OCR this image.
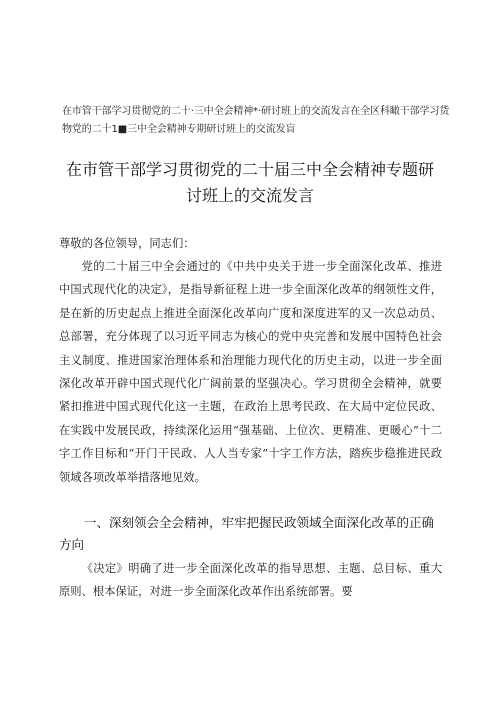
在市管干部学习贯彻党的二十·三中全会精神*·研讨班上的交流发言在全区科瞰干部学习货物党的二十1■三中全会精神专期研讨班上的交流发盲

在市管干部学习贯彻党的二十届三中全会精神专题研讨班上的交流发言

尊敬的各位领导，同志们：

党的二十届三中全会通过的《中共中央关于进一步全面深化改革、推进中国式现代化的决定》，是指导新征程上进一步全面深化改革的纲领性文件，是在新的历史起点上推进全面深化改革向广度和深度进军的又一次总动员、总部署，充分体现了以习近平同志为核心的党中央完善和发展中国特色社会主义制度、推进国家治理体系和治理能力现代化的历史主动，以进一步全面深化改革开辟中国式现代化广阔前景的坚强决心。学习贯彻全会精神，就要紧扣推进中国式现代化这一主题，在政治上思考民政、在大局中定位民政、在实践中发展民政，持续深化运用“强基础、上位次、更精准、更暖心”十二字工作目标和“开门干民政、人人当专家”十字工作方法，踏疾步稳推进民政领域各项改革举措落地见效。

一、深刻领会全会精神，牢牢把握民政领域全面深化改革的正确方向

《决定》明确了进一步全面深化改革的指导思想、主题、总目标、重大原则、根本保证，对进一步全面深化改革作出系统部署。要
